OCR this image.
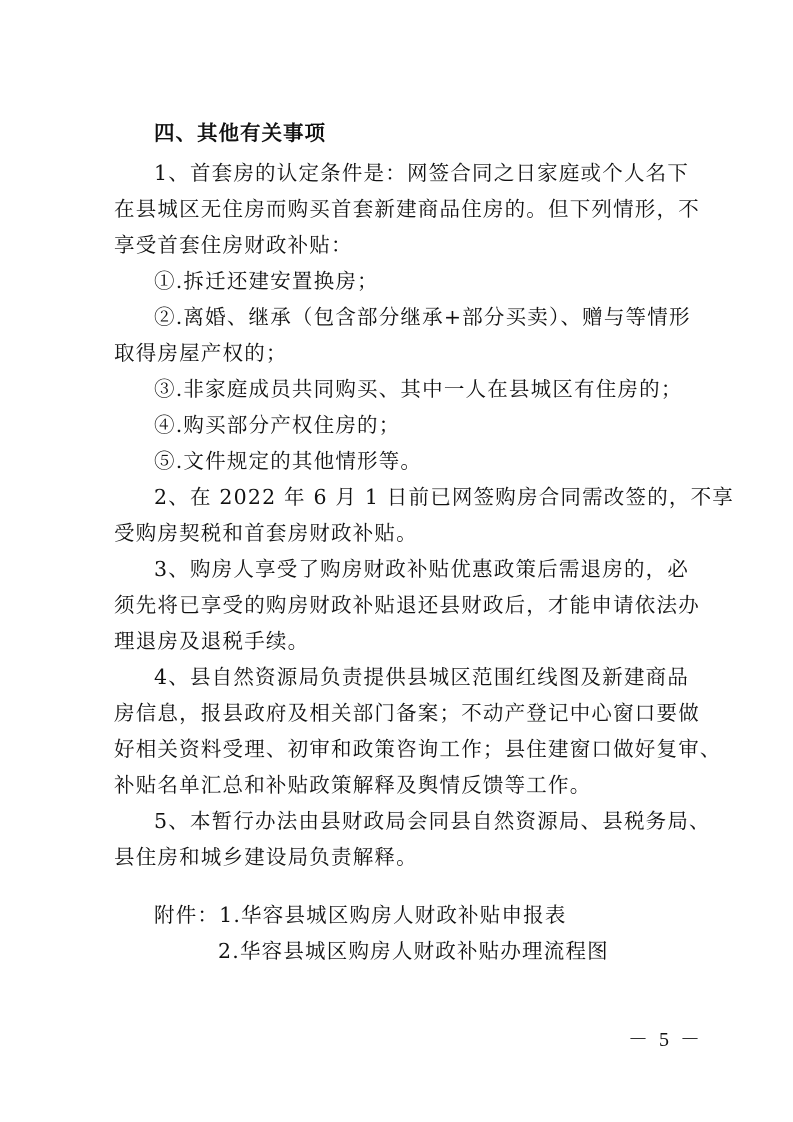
四、其他有关事项
1、首套房的认定条件是：网签合同之日家庭或个人名下
在县城区无住房而购买首套新建商品住房的。但下列情形，不
享受首套住房财政补贴：
①.拆迁还建安置换房；
②.离婚、继承（包含部分继承+部分买卖）、赠与等情形
取得房屋产权的；
③.非家庭成员共同购买、其中一人在县城区有住房的；
④.购买部分产权住房的；
⑤.文件规定的其他情形等。
2、在 2022 年 6 月 1 日前已网签购房合同需改签的，不享
受购房契税和首套房财政补贴。
3、购房人享受了购房财政补贴优惠政策后需退房的，必
须先将已享受的购房财政补贴退还县财政后，才能申请依法办
理退房及退税手续。
4、县自然资源局负责提供县城区范围红线图及新建商品
房信息，报县政府及相关部门备案；不动产登记中心窗口要做
好相关资料受理、初审和政策咨询工作；县住建窗口做好复审、
补贴名单汇总和补贴政策解释及舆情反馈等工作。
5、本暂行办法由县财政局会同县自然资源局、县税务局、
县住房和城乡建设局负责解释。
附件：1.华容县城区购房人财政补贴申报表
2.华容县城区购房人财政补贴办理流程图
－ 5 －
